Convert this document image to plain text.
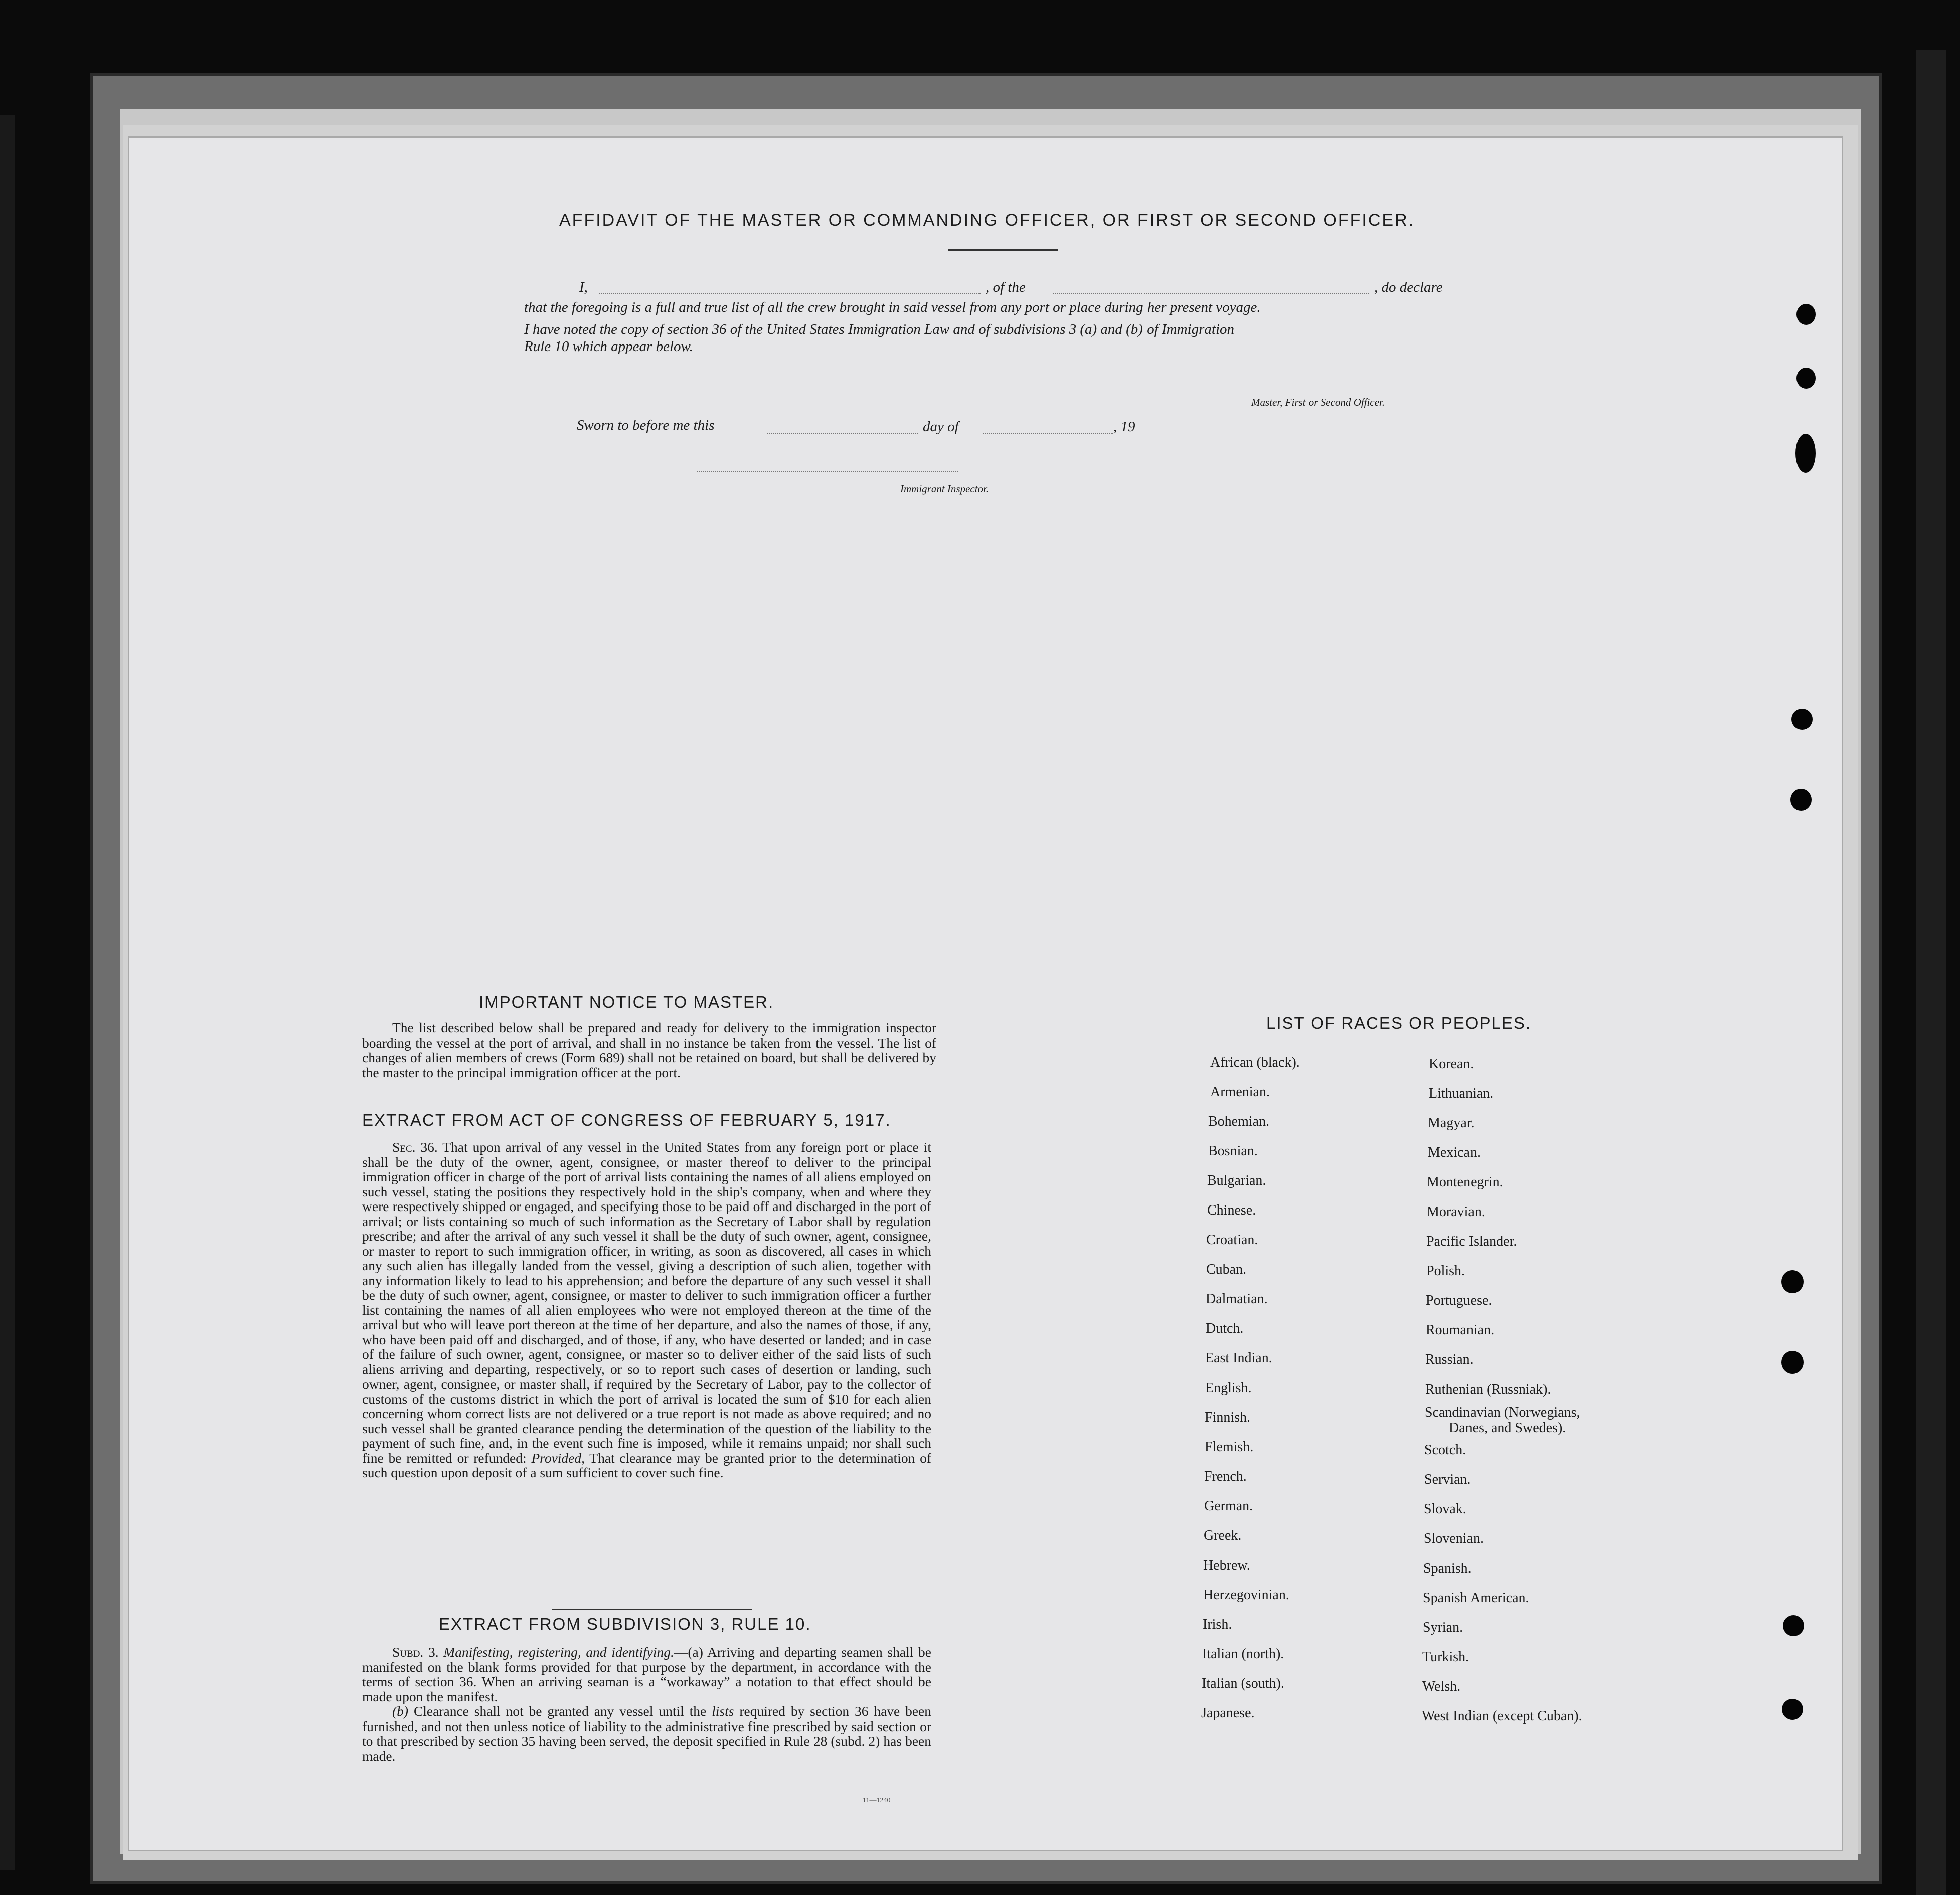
AFFIDAVIT OF THE MASTER OR COMMANDING OFFICER, OR FIRST OR SECOND OFFICER.
I,	, of the	, do declare
that the foregoing is a full and true list of all the crew brought in said vessel from any port or place during her present voyage.
I have noted the copy of section 36 of the United States Immigration Law and of subdivisions 3 (a) and (b) of Immigration
Rule 10 which appear below.
Master, First or Second Officer.
Sworn to before me this	day of	, 19
Immigrant Inspector.
IMPORTANT NOTICE TO MASTER.

The list described below shall be prepared and ready for delivery to the immigration inspector boarding the vessel at the port of arrival, and shall in no instance be taken from the vessel. The list of changes of alien members of crews (Form 689) shall not be retained on board, but shall be delivered by the master to the principal immigration officer at the port.

EXTRACT FROM ACT OF CONGRESS OF FEBRUARY 5, 1917.

Sec. 36. That upon arrival of any vessel in the United States from any foreign port or place it shall be the duty of the owner, agent, consignee, or master thereof to deliver to the principal immigration officer in charge of the port of arrival lists containing the names of all aliens employed on such vessel, stating the positions they respectively hold in the ship's company, when and where they were respectively shipped or engaged, and specifying those to be paid off and discharged in the port of arrival; or lists containing so much of such information as the Secretary of Labor shall by regulation prescribe; and after the arrival of any such vessel it shall be the duty of such owner, agent, consignee, or master to report to such immigration officer, in writing, as soon as discovered, all cases in which any such alien has illegally landed from the vessel, giving a description of such alien, together with any information likely to lead to his apprehension; and before the departure of any such vessel it shall be the duty of such owner, agent, consignee, or master to deliver to such immigration officer a further list containing the names of all alien employees who were not employed thereon at the time of the arrival but who will leave port thereon at the time of her departure, and also the names of those, if any, who have been paid off and discharged, and of those, if any, who have deserted or landed; and in case of the failure of such owner, agent, consignee, or master so to deliver either of the said lists of such aliens arriving and departing, respectively, or so to report such cases of desertion or landing, such owner, agent, consignee, or master shall, if required by the Secretary of Labor, pay to the collector of customs of the customs district in which the port of arrival is located the sum of $10 for each alien concerning whom correct lists are not delivered or a true report is not made as above required; and no such vessel shall be granted clearance pending the determination of the question of the liability to the payment of such fine, and, in the event such fine is imposed, while it remains unpaid; nor shall such fine be remitted or refunded: Provided, That clearance may be granted prior to the determination of such question upon deposit of a sum sufficient to cover such fine.

EXTRACT FROM SUBDIVISION 3, RULE 10.

Subd. 3. Manifesting, registering, and identifying.—(a) Arriving and departing seamen shall be manifested on the blank forms provided for that purpose by the department, in accordance with the terms of section 36. When an arriving seaman is a “workaway” a notation to that effect should be made upon the manifest.

(b) Clearance shall not be granted any vessel until the lists required by section 36 have been furnished, and not then unless notice of liability to the administrative fine prescribed by said section or to that prescribed by section 35 having been served, the deposit specified in Rule 28 (subd. 2) has been made.

11—1240
LIST OF RACES OR PEOPLES.
African (black).
Armenian.
Bohemian.
Bosnian.
Bulgarian.
Chinese.
Croatian.
Cuban.
Dalmatian.
Dutch.
East Indian.
English.
Finnish.
Flemish.
French.
German.
Greek.
Hebrew.
Herzegovinian.
Irish.
Italian (north).
Italian (south).
Japanese.
Korean.
Lithuanian.
Magyar.
Mexican.
Montenegrin.
Moravian.
Pacific Islander.
Polish.
Portuguese.
Roumanian.
Russian.
Ruthenian (Russniak).
Scandinavian (Norwegians,
Danes, and Swedes).
Scotch.
Servian.
Slovak.
Slovenian.
Spanish.
Spanish American.
Syrian.
Turkish.
Welsh.
West Indian (except Cuban).
